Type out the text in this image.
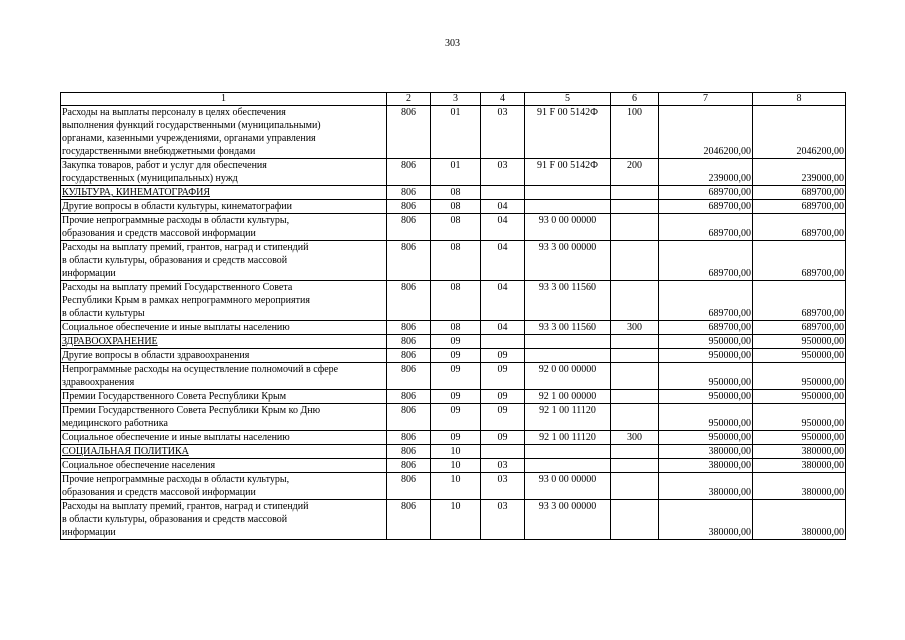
303
1	2	3	4	5	6	7	8

Расходы на выплаты персоналу в целях обеспечения
выполнения функций государственными (муниципальными)
органами, казенными учреждениями, органами управления
государственными внебюджетными фондами	806	01	03	91 F 00 5142Ф	100	2046200,00	2046200,00

Закупка товаров, работ и услуг для обеспечения
государственных (муниципальных) нужд	806	01	03	91 F 00 5142Ф	200	239000,00	239000,00

КУЛЬТУРА, КИНЕМАТОГРАФИЯ	806	08				689700,00	689700,00

Другие вопросы в области культуры, кинематографии	806	08	04			689700,00	689700,00

Прочие непрограммные расходы в области культуры,
образования и средств массовой информации	806	08	04	93 0 00 00000		689700,00	689700,00

Расходы на выплату премий, грантов, наград и стипендий
в области культуры, образования и средств массовой
информации	806	08	04	93 3 00 00000		689700,00	689700,00

Расходы на выплату премий Государственного Совета
Республики Крым в рамках непрограммного мероприятия
в области культуры	806	08	04	93 3 00 11560		689700,00	689700,00

Социальное обеспечение и иные выплаты населению	806	08	04	93 3 00 11560	300	689700,00	689700,00

ЗДРАВООХРАНЕНИЕ	806	09				950000,00	950000,00

Другие вопросы в области здравоохранения	806	09	09			950000,00	950000,00

Непрограммные расходы на осуществление полномочий в сфере
здравоохранения	806	09	09	92 0 00 00000		950000,00	950000,00

Премии Государственного Совета Республики Крым	806	09	09	92 1 00 00000		950000,00	950000,00

Премии Государственного Совета Республики Крым ко Дню
медицинского работника	806	09	09	92 1 00 11120		950000,00	950000,00

Социальное обеспечение и иные выплаты населению	806	09	09	92 1 00 11120	300	950000,00	950000,00

СОЦИАЛЬНАЯ ПОЛИТИКА	806	10				380000,00	380000,00

Социальное обеспечение населения	806	10	03			380000,00	380000,00

Прочие непрограммные расходы в области культуры,
образования и средств массовой информации	806	10	03	93 0 00 00000		380000,00	380000,00

Расходы на выплату премий, грантов, наград и стипендий
в области культуры, образования и средств массовой
информации	806	10	03	93 3 00 00000		380000,00	380000,00
